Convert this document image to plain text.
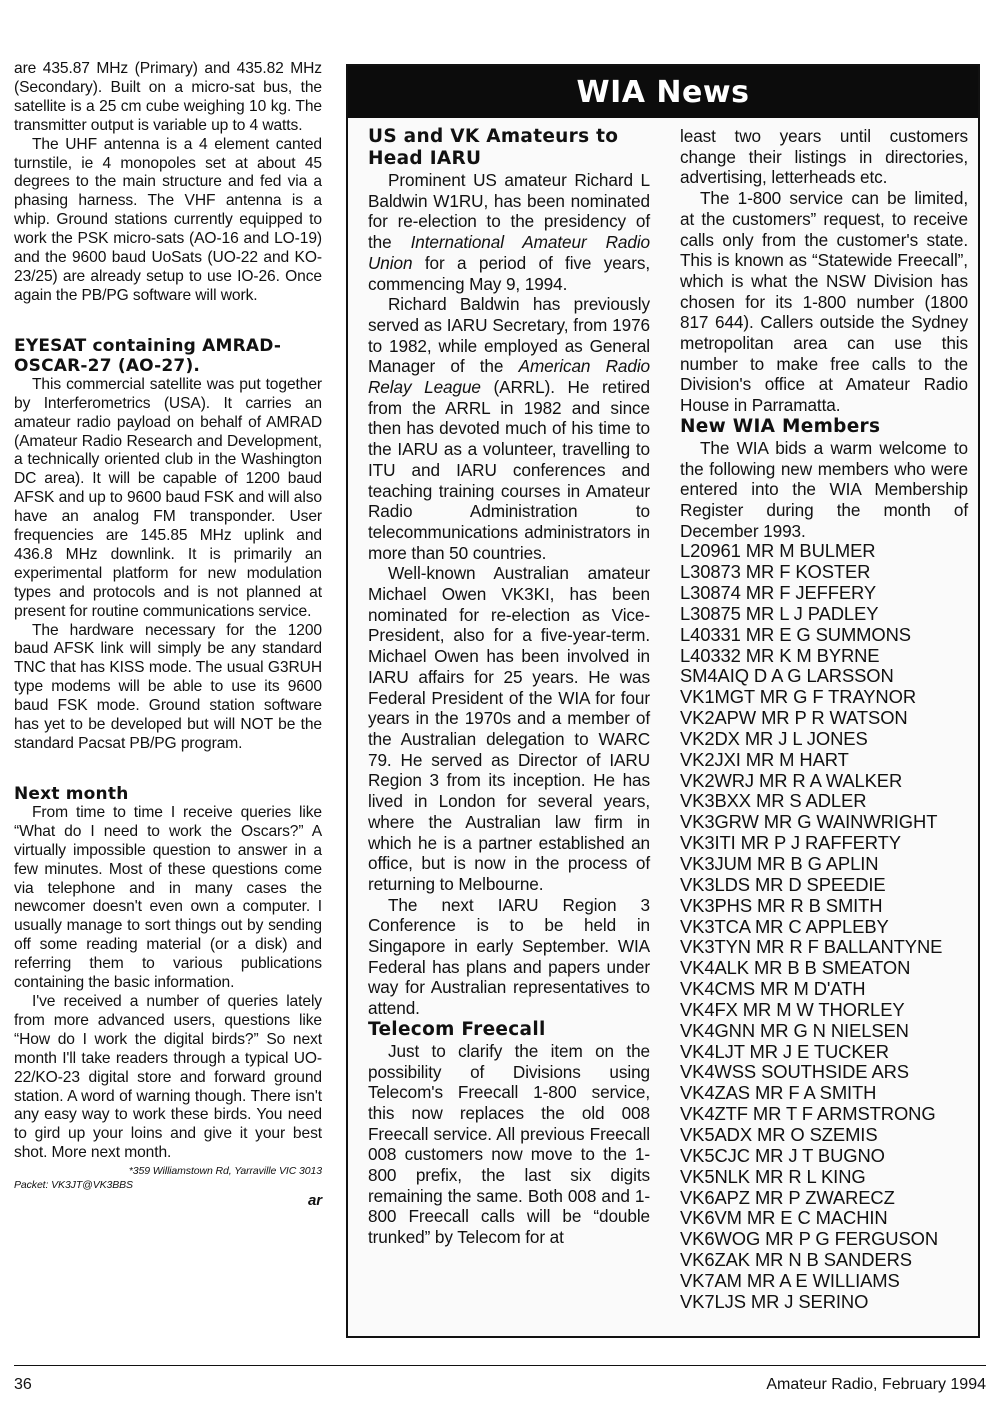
are 435.87 MHz (Primary) and 435.82 MHz (Secondary). Built on a micro-sat bus, the satellite is a 25 cm cube weighing 10 kg. The transmitter output is variable up to 4 watts.

The UHF antenna is a 4 element canted turnstile, ie 4 monopoles set at about 45 degrees to the main structure and fed via a phasing harness. The VHF antenna is a whip. Ground stations currently equipped to work the PSK micro-sats (AO-16 and LO-19) and the 9600 baud UoSats (UO-22 and KO-23/25) are already setup to use IO-26. Once again the PB/PG software will work.

EYESAT containing AMRAD-OSCAR-27 (AO-27).

This commercial satellite was put together by Interferometrics (USA). It carries an amateur radio payload on behalf of AMRAD (Amateur Radio Research and Development, a technically oriented club in the Washington DC area). It will be capable of 1200 baud AFSK and up to 9600 baud FSK and will also have an analog FM transponder. User frequencies are 145.85 MHz uplink and 436.8 MHz downlink. It is primarily an experimental platform for new modulation types and protocols and is not planned at present for routine communications service.

The hardware necessary for the 1200 baud AFSK link will simply be any standard TNC that has KISS mode. The usual G3RUH type modems will be able to use its 9600 baud FSK mode. Ground station software has yet to be developed but will NOT be the standard Pacsat PB/PG program.

Next month

From time to time I receive queries like “What do I need to work the Oscars?” A virtually impossible question to answer in a few minutes. Most of these questions come via telephone and in many cases the newcomer doesn't even own a computer. I usually manage to sort things out by sending off some reading material (or a disk) and referring them to various publications containing the basic information.

I've received a number of queries lately from more advanced users, questions like “How do I work the digital birds?” So next month I'll take readers through a typical UO-22/KO-23 digital store and forward ground station. A word of warning though. There isn't any easy way to work these birds. You need to gird up your loins and give it your best shot. More next month.

*359 Williamstown Rd, Yarraville VIC 3013
Packet: VK3JT@VK3BBS
ar
WIA News
US and VK Amateurs to Head IARU

Prominent US amateur Richard L Baldwin W1RU, has been nominated for re-election to the presidency of the International Amateur Radio Union for a period of five years, commencing May 9, 1994.

Richard Baldwin has previously served as IARU Secretary, from 1976 to 1982, while employed as General Manager of the American Radio Relay League (ARRL). He retired from the ARRL in 1982 and since then has devoted much of his time to the IARU as a volunteer, travelling to ITU and IARU conferences and teaching training courses in Amateur Radio Administration to telecommunications administrators in more than 50 countries.

Well-known Australian amateur Michael Owen VK3KI, has been nominated for re-election as Vice-President, also for a five-year-term. Michael Owen has been involved in IARU affairs for 25 years. He was Federal President of the WIA for four years in the 1970s and a member of the Australian delegation to WARC 79. He served as Director of IARU Region 3 from its inception. He has lived in London for several years, where the Australian law firm in which he is a partner established an office, but is now in the process of returning to Melbourne.

The next IARU Region 3 Conference is to be held in Singapore in early September. WIA Federal has plans and papers under way for Australian representatives to attend.

Telecom Freecall

Just to clarify the item on the possibility of Divisions using Telecom's Freecall 1-800 service, this now replaces the old 008 Freecall service. All previous Freecall 008 customers now move to the 1-800 prefix, the last six digits remaining the same. Both 008 and 1-800 Freecall calls will be “double trunked” by Telecom for at

least two years until customers change their listings in directories, advertising, letterheads etc.

The 1-800 service can be limited, at the customers” request, to receive calls only from the customer's state. This is known as “Statewide Freecall”, which is what the NSW Division has chosen for its 1-800 number (1800 817 644). Callers outside the Sydney metropolitan area can use this number to make free calls to the Division's office at Amateur Radio House in Parramatta.

New WIA Members

The WIA bids a warm welcome to the following new members who were entered into the WIA Membership Register during the month of December 1993.

L20961 MR M BULMER
L30873 MR F KOSTER
L30874 MR F JEFFERY
L30875 MR L J PADLEY
L40331 MR E G SUMMONS
L40332 MR K M BYRNE
SM4AIQ D A G LARSSON
VK1MGT MR G F TRAYNOR
VK2APW MR P R WATSON
VK2DX MR J L JONES
VK2JXI MR M HART
VK2WRJ MR R A WALKER
VK3BXX MR S ADLER
VK3GRW MR G WAINWRIGHT
VK3ITI MR P J RAFFERTY
VK3JUM MR B G APLIN
VK3LDS MR D SPEEDIE
VK3PHS MR R B SMITH
VK3TCA MR C APPLEBY
VK3TYN MR R F BALLANTYNE
VK4ALK MR B B SMEATON
VK4CMS MR M D'ATH
VK4FX MR M W THORLEY
VK4GNN MR G N NIELSEN
VK4LJT MR J E TUCKER
VK4WSS SOUTHSIDE ARS
VK4ZAS MR F A SMITH
VK4ZTF MR T F ARMSTRONG
VK5ADX MR O SZEMIS
VK5CJC MR J T BUGNO
VK5NLK MR R L KING
VK6APZ MR P ZWARECZ
VK6VM MR E C MACHIN
VK6WOG MR P G FERGUSON
VK6ZAK MR N B SANDERS
VK7AM MR A E WILLIAMS
VK7LJS MR J SERINO
36	Amateur Radio, February 1994
